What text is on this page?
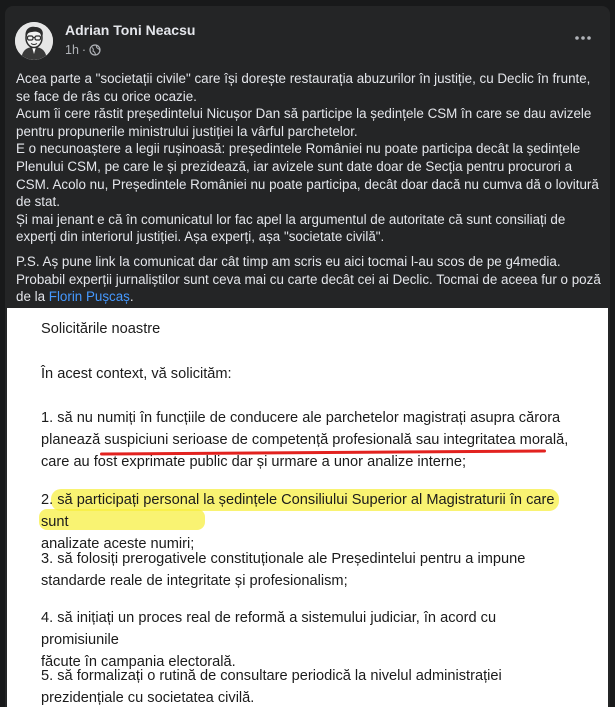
Adrian Toni Neacsu
1h ·

Acea parte a "societații civile" care își dorește restaurația abuzurilor în justiție, cu Declic în frunte, se face de râs cu orice ocazie.

Acum îi cere răstit președintelui Nicușor Dan să participe la ședințele CSM în care se dau avizele pentru propunerile ministrului justiției la vârful parchetelor.

E o necunoaștere a legii rușinoasă: președintele României nu poate participa decât la ședințele Plenului CSM, pe care le și prezidează, iar avizele sunt date doar de Secția pentru procurori a CSM. Acolo nu, Președintele României nu poate participa, decât doar dacă nu cumva dă o lovitură de stat.

Și mai jenant e că în comunicatul lor fac apel la argumentul de autoritate că sunt consiliați de experți din interiorul justiției. Așa experți, așa "societate civilă".

P.S. Aș pune link la comunicat dar cât timp am scris eu aici tocmai l-au scos de pe g4media. Probabil experții jurnaliștilor sunt ceva mai cu carte decât cei ai Declic. Tocmai de aceea fur o poză de la Florin Pușcaș.

Solicitările noastre
În acest context, vă solicităm:
1. să nu numiți în funcțiile de conducere ale parchetelor magistrați asupra cărora
planează suspiciuni serioase de competență profesională sau integritatea morală,
care au fost exprimate public dar și urmare a unor analize interne;
2. să participați personal la ședințele Consiliului Superior al Magistraturii în care sunt
analizate aceste numiri;
3. să folosiți prerogativele constituționale ale Președintelui pentru a impune
standarde reale de integritate și profesionalism;
4. să inițiați un proces real de reformă a sistemului judiciar, în acord cu promisiunile
făcute în campania electorală.
5. să formalizați o rutină de consultare periodică la nivelul administrației
prezidențiale cu societatea civilă.
